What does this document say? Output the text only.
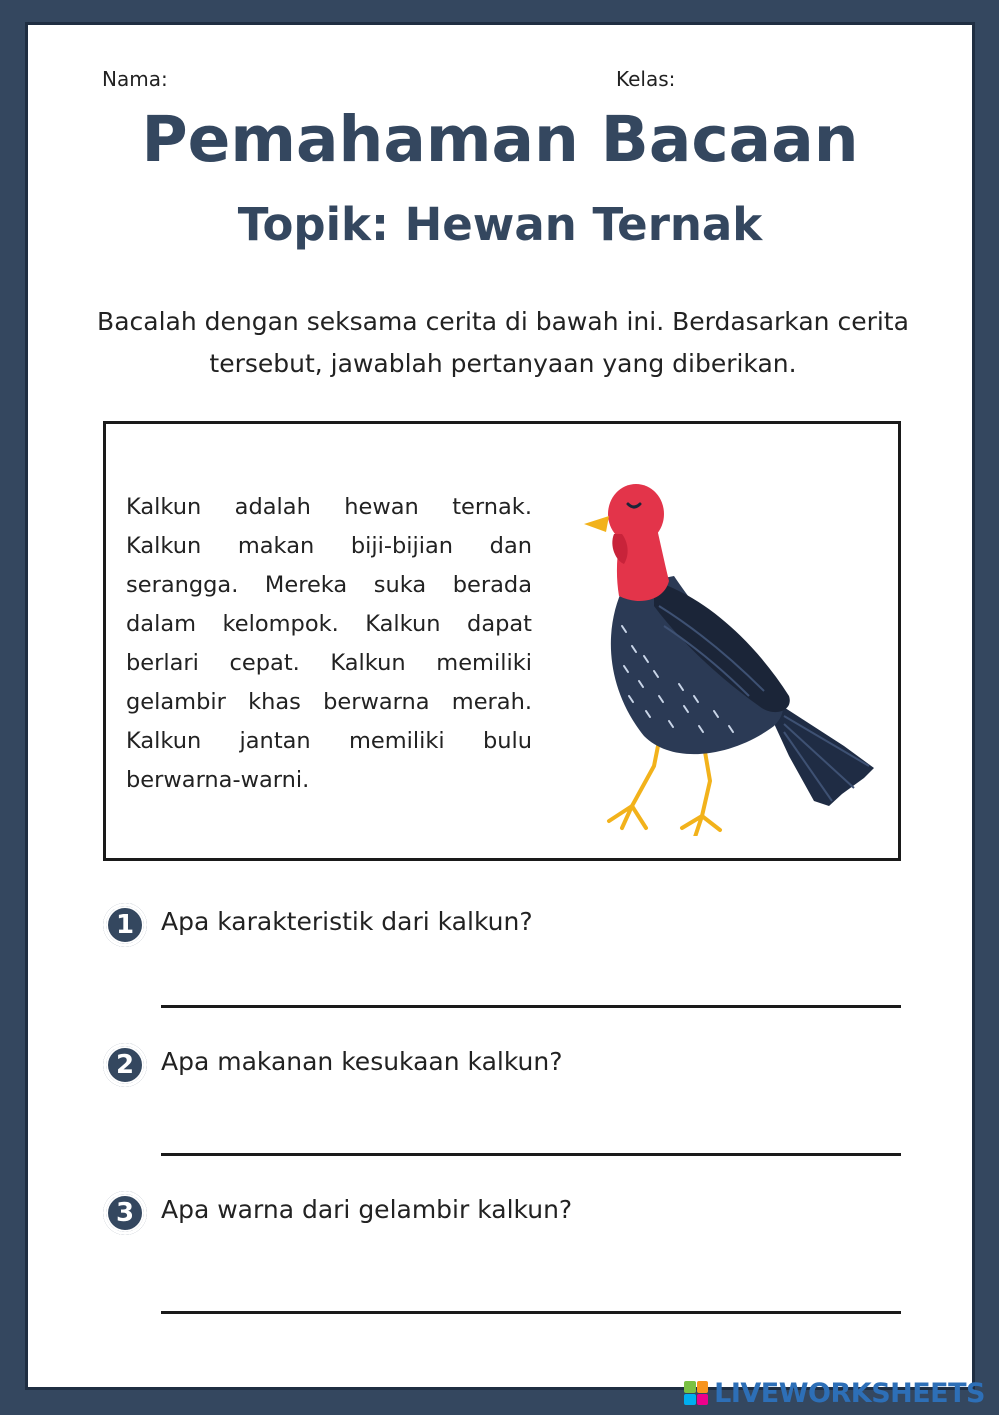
Nama:	Kelas:
Pemahaman Bacaan
Topik: Hewan Ternak
Bacalah dengan seksama cerita di bawah ini. Berdasarkan cerita tersebut, jawablah pertanyaan yang diberikan.
Kalkun adalah hewan ternak. Kalkun makan biji-bijian dan serangga. Mereka suka berada dalam kelompok. Kalkun dapat berlari cepat. Kalkun memiliki gelambir khas berwarna merah. Kalkun jantan memiliki bulu berwarna-warni.
1	Apa karakteristik dari kalkun?
2	Apa makanan kesukaan kalkun?
3	Apa warna dari gelambir kalkun?
LIVEWORKSHEETS
